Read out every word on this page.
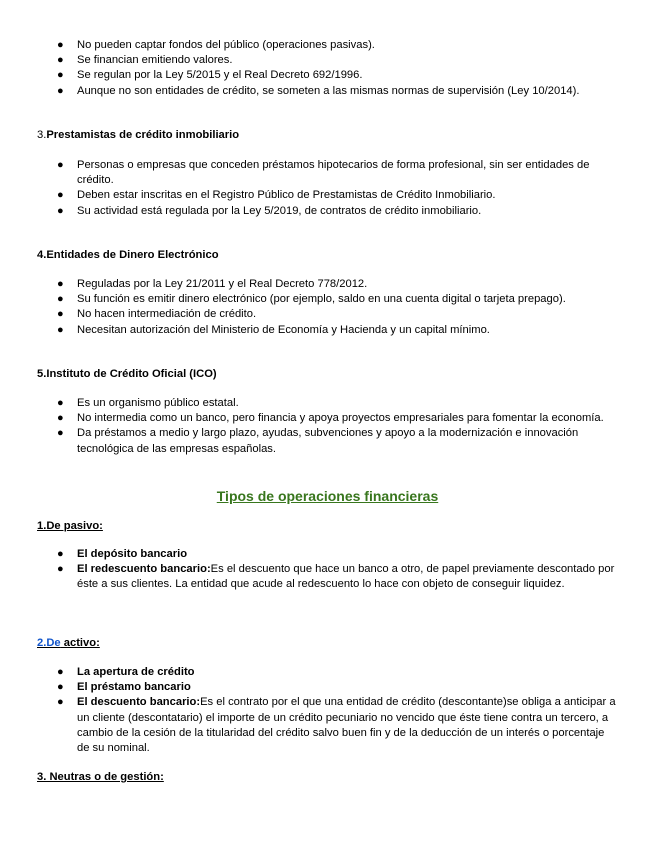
●	No pueden captar fondos del público (operaciones pasivas).
●	Se financian emitiendo valores.
●	Se regulan por la Ley 5/2015 y el Real Decreto 692/1996.
●	Aunque no son entidades de crédito, se someten a las mismas normas de supervisión (Ley 10/2014).

3.Prestamistas de crédito inmobiliario

●	Personas o empresas que conceden préstamos hipotecarios de forma profesional, sin ser entidades de crédito.
●	Deben estar inscritas en el Registro Público de Prestamistas de Crédito Inmobiliario.
●	Su actividad está regulada por la Ley 5/2019, de contratos de crédito inmobiliario.

4.Entidades de Dinero Electrónico

●	Reguladas por la Ley 21/2011 y el Real Decreto 778/2012.
●	Su función es emitir dinero electrónico (por ejemplo, saldo en una cuenta digital o tarjeta prepago).
●	No hacen intermediación de crédito.
●	Necesitan autorización del Ministerio de Economía y Hacienda y un capital mínimo.

5.Instituto de Crédito Oficial (ICO)

●	Es un organismo público estatal.
●	No intermedia como un banco, pero financia y apoya proyectos empresariales para fomentar la economía.
●	Da préstamos a medio y largo plazo, ayudas, subvenciones y apoyo a la modernización e innovación tecnológica de las empresas españolas.

Tipos de operaciones financieras

1.De pasivo:

●	El depósito bancario
●	El redescuento bancario:Es el descuento que hace un banco a otro, de papel previamente descontado por éste a sus clientes. La entidad que acude al redescuento lo hace con objeto de conseguir liquidez.

2.De activo:

●	La apertura de crédito
●	El préstamo bancario
●	El descuento bancario:Es el contrato por el que una entidad de crédito (descontante)se obliga a anticipar a un cliente (descontatario) el importe de un crédito pecuniario no vencido que éste tiene contra un tercero, a cambio de la cesión de la titularidad del crédito salvo buen fin y de la deducción de un interés o porcentaje de su nominal.

3. Neutras o de gestión:
